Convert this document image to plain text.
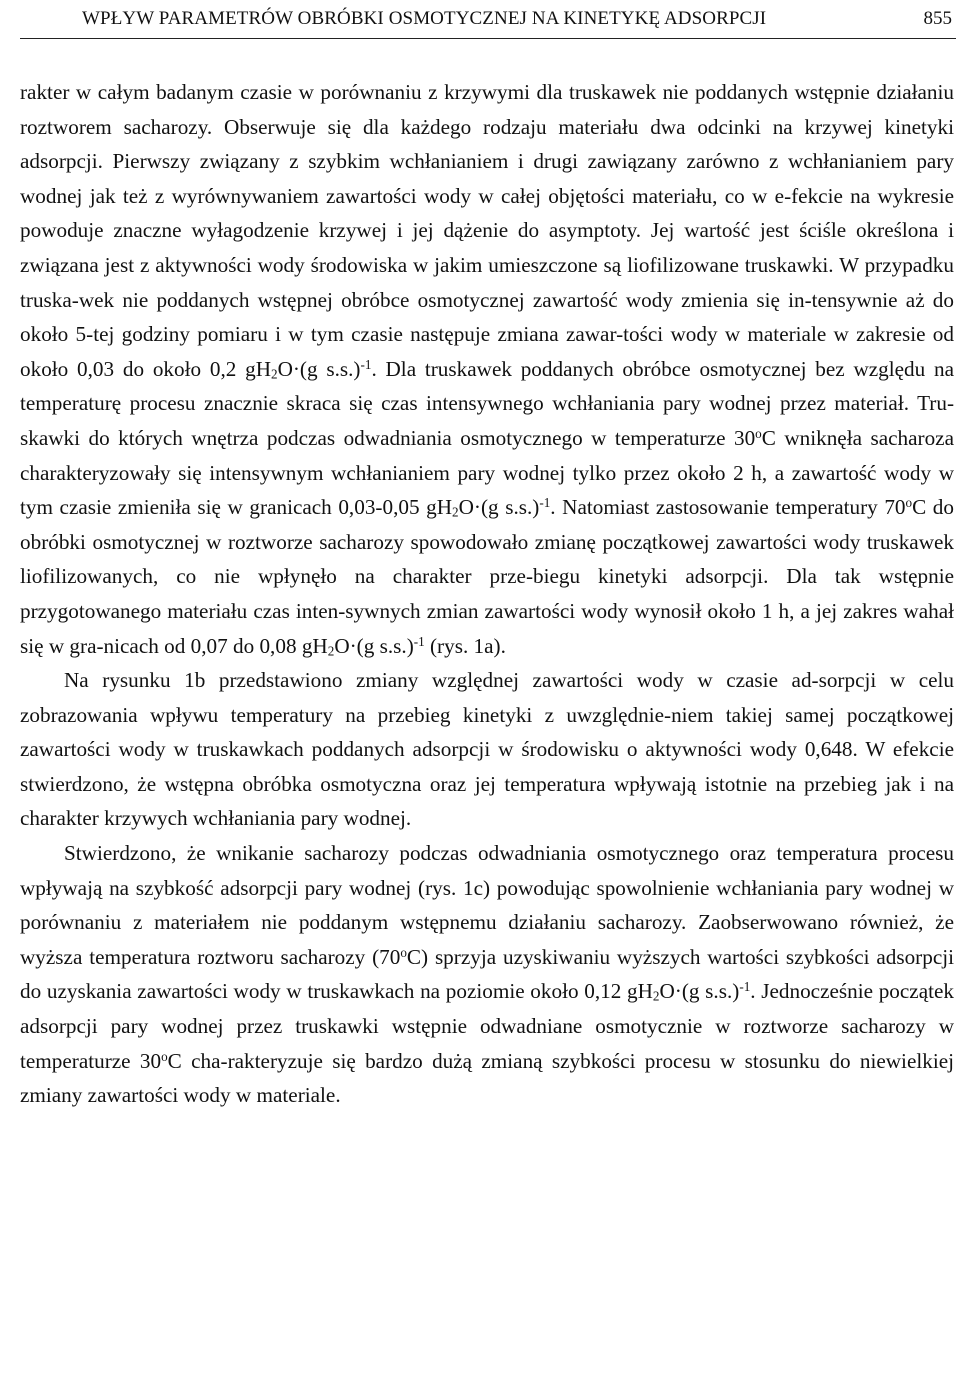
WPŁYW PARAMETRÓW OBRÓBKI OSMOTYCZNEJ NA KINETYKĘ ADSORPCJI	855

rakter w całym badanym czasie w porównaniu z krzywymi dla truskawek nie poddanych wstępnie działaniu roztworem sacharozy. Obserwuje się dla każdego rodzaju materiału dwa odcinki na krzywej kinetyki adsorpcji. Pierwszy związany z szybkim wchłanianiem i drugi zawiązany zarówno z wchłanianiem pary wodnej jak też z wyrównywaniem zawartości wody w całej objętości materiału, co w e-fekcie na wykresie powoduje znaczne wyłagodzenie krzywej i jej dążenie do asymptoty. Jej wartość jest ściśle określona i związana jest z aktywności wody środowiska w jakim umieszczone są liofilizowane truskawki. W przypadku truska-wek nie poddanych wstępnej obróbce osmotycznej zawartość wody zmienia się in-tensywnie aż do około 5-tej godziny pomiaru i w tym czasie następuje zmiana zawar-tości wody w materiale w zakresie od około 0,03 do około 0,2 $gH_2O\cdot(g$ s.s.)$^{-1}$. Dla truskawek poddanych obróbce osmotycznej bez względu na temperaturę procesu znacznie skraca się czas intensywnego wchłaniania pary wodnej przez materiał. Tru-skawki do których wnętrza podczas odwadniania osmotycznego w temperaturze 30$^o$C wniknęła sacharoza charakteryzowały się intensywnym wchłanianiem pary wodnej tylko przez około 2 h, a zawartość wody w tym czasie zmieniła się w granicach 0,03-0,05 $gH_2O\cdot(g$ s.s.)$^{-1}$. Natomiast zastosowanie temperatury 70$^o$C do obróbki osmotycznej w roztworze sacharozy spowodowało zmianę początkowej zawartości wody truskawek liofilizowanych, co nie wpłynęło na charakter prze-biegu kinetyki adsorpcji. Dla tak wstępnie przygotowanego materiału czas inten-sywnych zmian zawartości wody wynosił około 1 h, a jej zakres wahał się w gra-nicach od 0,07 do 0,08 $gH_2O\cdot(g$ s.s.)$^{-1}$ (rys. 1a).

Na rysunku 1b przedstawiono zmiany względnej zawartości wody w czasie ad-sorpcji w celu zobrazowania wpływu temperatury na przebieg kinetyki z uwzględnie-niem takiej samej początkowej zawartości wody w truskawkach poddanych adsorpcji w środowisku o aktywności wody 0,648. W efekcie stwierdzono, że wstępna obróbka osmotyczna oraz jej temperatura wpływają istotnie na przebieg jak i na charakter krzywych wchłaniania pary wodnej.

Stwierdzono, że wnikanie sacharozy podczas odwadniania osmotycznego oraz temperatura procesu wpływają na szybkość adsorpcji pary wodnej (rys. 1c) powodując spowolnienie wchłaniania pary wodnej w porównaniu z materiałem nie poddanym wstępnemu działaniu sacharozy. Zaobserwowano również, że wyższa temperatura roztworu sacharozy (70$^o$C) sprzyja uzyskiwaniu wyższych wartości szybkości adsorpcji do uzyskania zawartości wody w truskawkach na poziomie około 0,12 $gH_2O\cdot(g$ s.s.)$^{-1}$. Jednocześnie początek adsorpcji pary wodnej przez truskawki wstępnie odwadniane osmotycznie w roztworze sacharozy w temperaturze 30$^o$C cha-rakteryzuje się bardzo dużą zmianą szybkości procesu w stosunku do niewielkiej zmiany zawartości wody w materiale.
